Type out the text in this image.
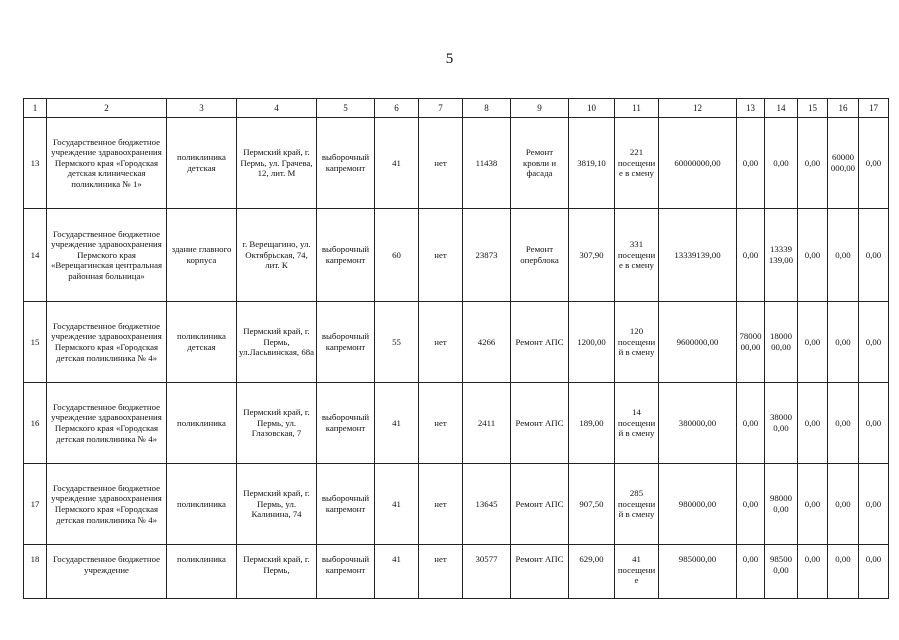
5
1	2	3	4	5	6	7	8	9	10	11	12	13	14	15	16	17
13	Государственное бюджетное учреждение здравоохранения Пермского края «Городская детская клиническая поликлиника № 1»	поликлиника детская	Пермский край, г. Пермь, ул. Грачева, 12, лит. М	выборочный капремонт	41	нет	11438	Ремонт кровли и фасада	3819,10	221 посещение в смену	60000000,00	0,00	0,00	0,00	60000 000,00	0,00
14	Государственное бюджетное учреждение здравоохранения Пермского края «Верещагинская центральная районная больница»	здание главного корпуса	г. Верещагино, ул. Октябрьская, 74, лит. К	выборочный капремонт	60	нет	23873	Ремонт оперблока	307,90	331 посещение в смену	13339139,00	0,00	13339 139,00	0,00	0,00	0,00
15	Государственное бюджетное учреждение здравоохранения Пермского края «Городская детская поликлиника № 4»	поликлиника детская	Пермский край, г. Пермь, ул.Ласьвинская, 68а	выборочный капремонт	55	нет	4266	Ремонт АПС	1200,00	120 посещений в смену	9600000,00	78000 00,00	18000 00,00	0,00	0,00	0,00
16	Государственное бюджетное учреждение здравоохранения Пермского края «Городская детская поликлиника № 4»	поликлиника	Пермский край, г. Пермь, ул. Глазовская, 7	выборочный капремонт	41	нет	2411	Ремонт АПС	189,00	14 посещений в смену	380000,00	0,00	38000 0,00	0,00	0,00	0,00
17	Государственное бюджетное учреждение здравоохранения Пермского края «Городская детская поликлиника № 4»	поликлиника	Пермский край, г. Пермь, ул. Калинина, 74	выборочный капремонт	41	нет	13645	Ремонт АПС	907,50	285 посещений в смену	980000,00	0,00	98000 0,00	0,00	0,00	0,00
18	Государственное бюджетное учреждение	поликлиника	Пермский край, г. Пермь,	выборочный капремонт	41	нет	30577	Ремонт АПС	629,00	41 посещение	985000,00	0,00	98500 0,00	0,00	0,00	0,00
